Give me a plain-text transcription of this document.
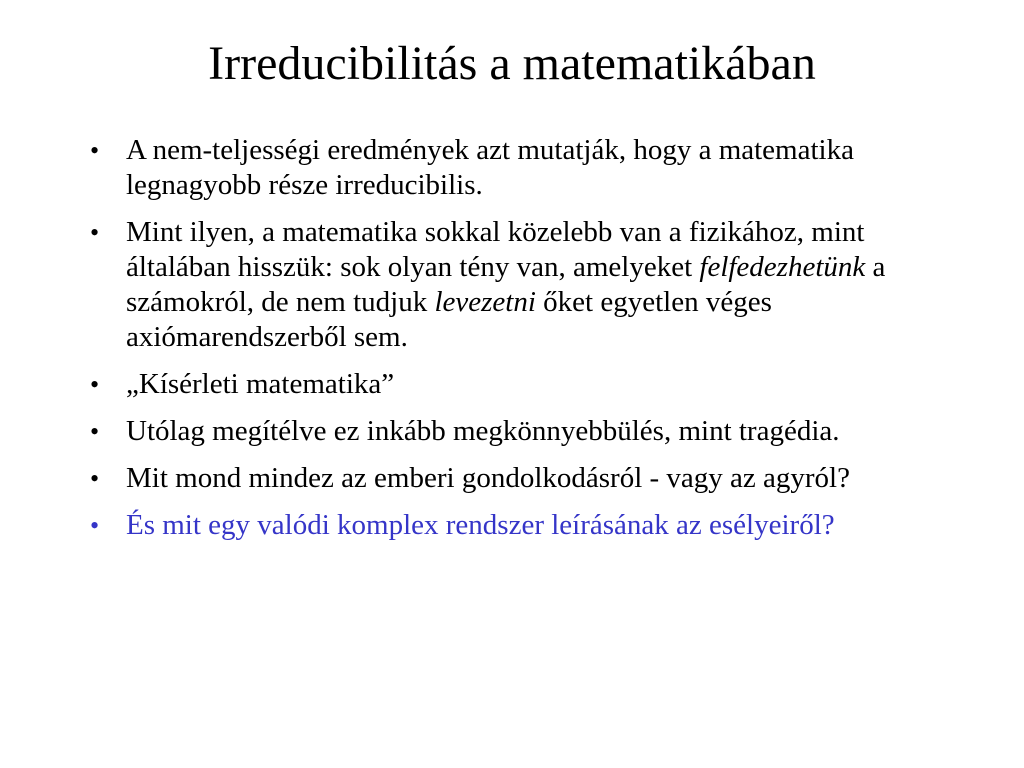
Irreducibilitás a matematikában
• A nem-teljességi eredmények azt mutatják, hogy a matematika legnagyobb része irreducibilis.
• Mint ilyen, a matematika sokkal közelebb van a fizikához, mint általában hisszük: sok olyan tény van, amelyeket felfedezhetünk a számokról, de nem tudjuk levezetni őket egyetlen véges axiómarendszerből sem.
• „Kísérleti matematika”
• Utólag megítélve ez inkább megkönnyebbülés, mint tragédia.
• Mit mond mindez az emberi gondolkodásról - vagy az agyról?
• És mit egy valódi komplex rendszer leírásának az esélyeiről?
